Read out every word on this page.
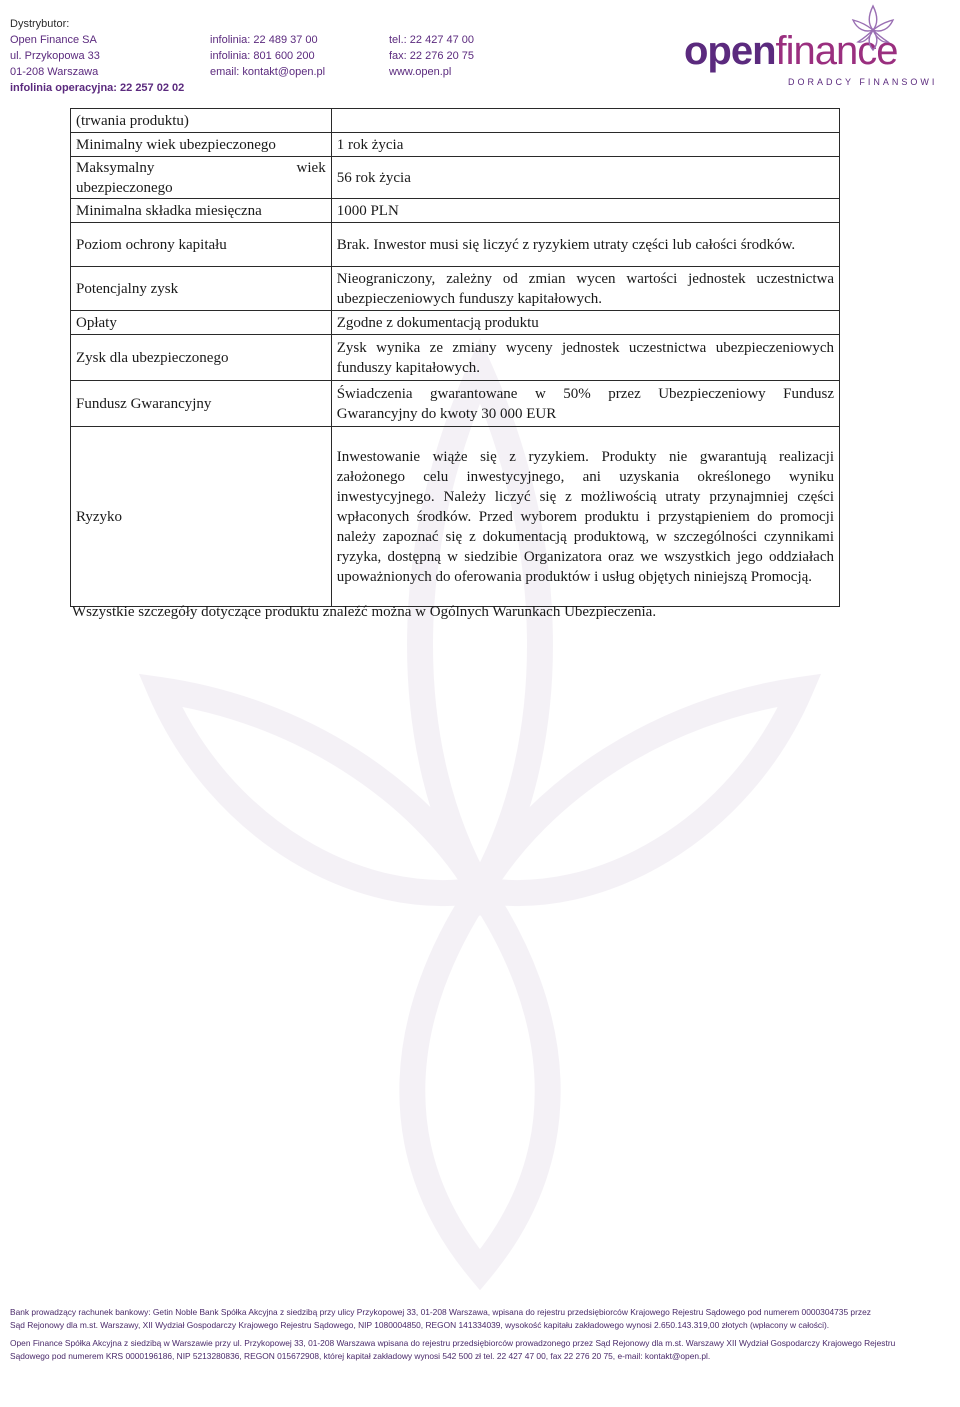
Dystrybutor:
Open Finance SA
ul. Przykopowa 33
01-208 Warszawa
infolinia operacyjna: 22 257 02 02
infolinia: 22 489 37 00
infolinia: 801 600 200
email: kontakt@open.pl
tel.: 22 427 47 00
fax: 22 276 20 75
www.open.pl	openfinance
DORADCY FINANSOWI
(trwania produktu)	
Minimalny wiek ubezpieczonego	1 rok życia

Maksymalny wiek
ubezpieczonego	56 rok życia
Minimalna składka miesięczna	1000 PLN
Poziom ochrony kapitału	Brak. Inwestor musi się liczyć z ryzykiem utraty części lub całości środków.
Potencjalny zysk	Nieograniczony, zależny od zmian wycen wartości jednostek uczestnictwa ubezpieczeniowych funduszy kapitałowych.
Opłaty	Zgodne z dokumentacją produktu
Zysk dla ubezpieczonego	Zysk wynika ze zmiany wyceny jednostek uczestnictwa ubezpieczeniowych funduszy kapitałowych.
Fundusz Gwarancyjny	Świadczenia gwarantowane w 50% przez Ubezpieczeniowy Fundusz Gwarancyjny do kwoty 30 000 EUR
Ryzyko	Inwestowanie wiąże się z ryzykiem. Produkty nie gwarantują realizacji założonego celu inwestycyjnego, ani uzyskania określonego wyniku inwestycyjnego. Należy liczyć się z możliwością utraty przynajmniej części wpłaconych środków. Przed wyborem produktu i przystąpieniem do promocji należy zapoznać się z dokumentacją produktową, w szczególności czynnikami ryzyka, dostępną w siedzibie Organizatora oraz we wszystkich jego oddziałach upoważnionych do oferowania produktów i usług objętych niniejszą Promocją.
Wszystkie szczegóły dotyczące produktu znaleźć można w Ogólnych Warunkach Ubezpieczenia.

Bank prowadzący rachunek bankowy: Getin Noble Bank Spółka Akcyjna z siedzibą przy ulicy Przykopowej 33, 01-208 Warszawa, wpisana do rejestru przedsiębiorców Krajowego Rejestru Sądowego pod numerem 0000304735 przez

Sąd Rejonowy dla m.st. Warszawy, XII Wydział Gospodarczy Krajowego Rejestru Sądowego, NIP 1080004850, REGON 141334039, wysokość kapitału zakładowego wynosi 2.650.143.319,00 złotych (wpłacony w całości).

Open Finance Spółka Akcyjna z siedzibą w Warszawie przy ul. Przykopowej 33, 01-208 Warszawa wpisana do rejestru przedsiębiorców prowadzonego przez Sąd Rejonowy dla m.st. Warszawy XII Wydział Gospodarczy Krajowego Rejestru

Sądowego pod numerem KRS 0000196186, NIP 5213280836, REGON 015672908, której kapitał zakładowy wynosi 542 500 zł tel. 22 427 47 00, fax 22 276 20 75, e-mail: kontakt@open.pl.
